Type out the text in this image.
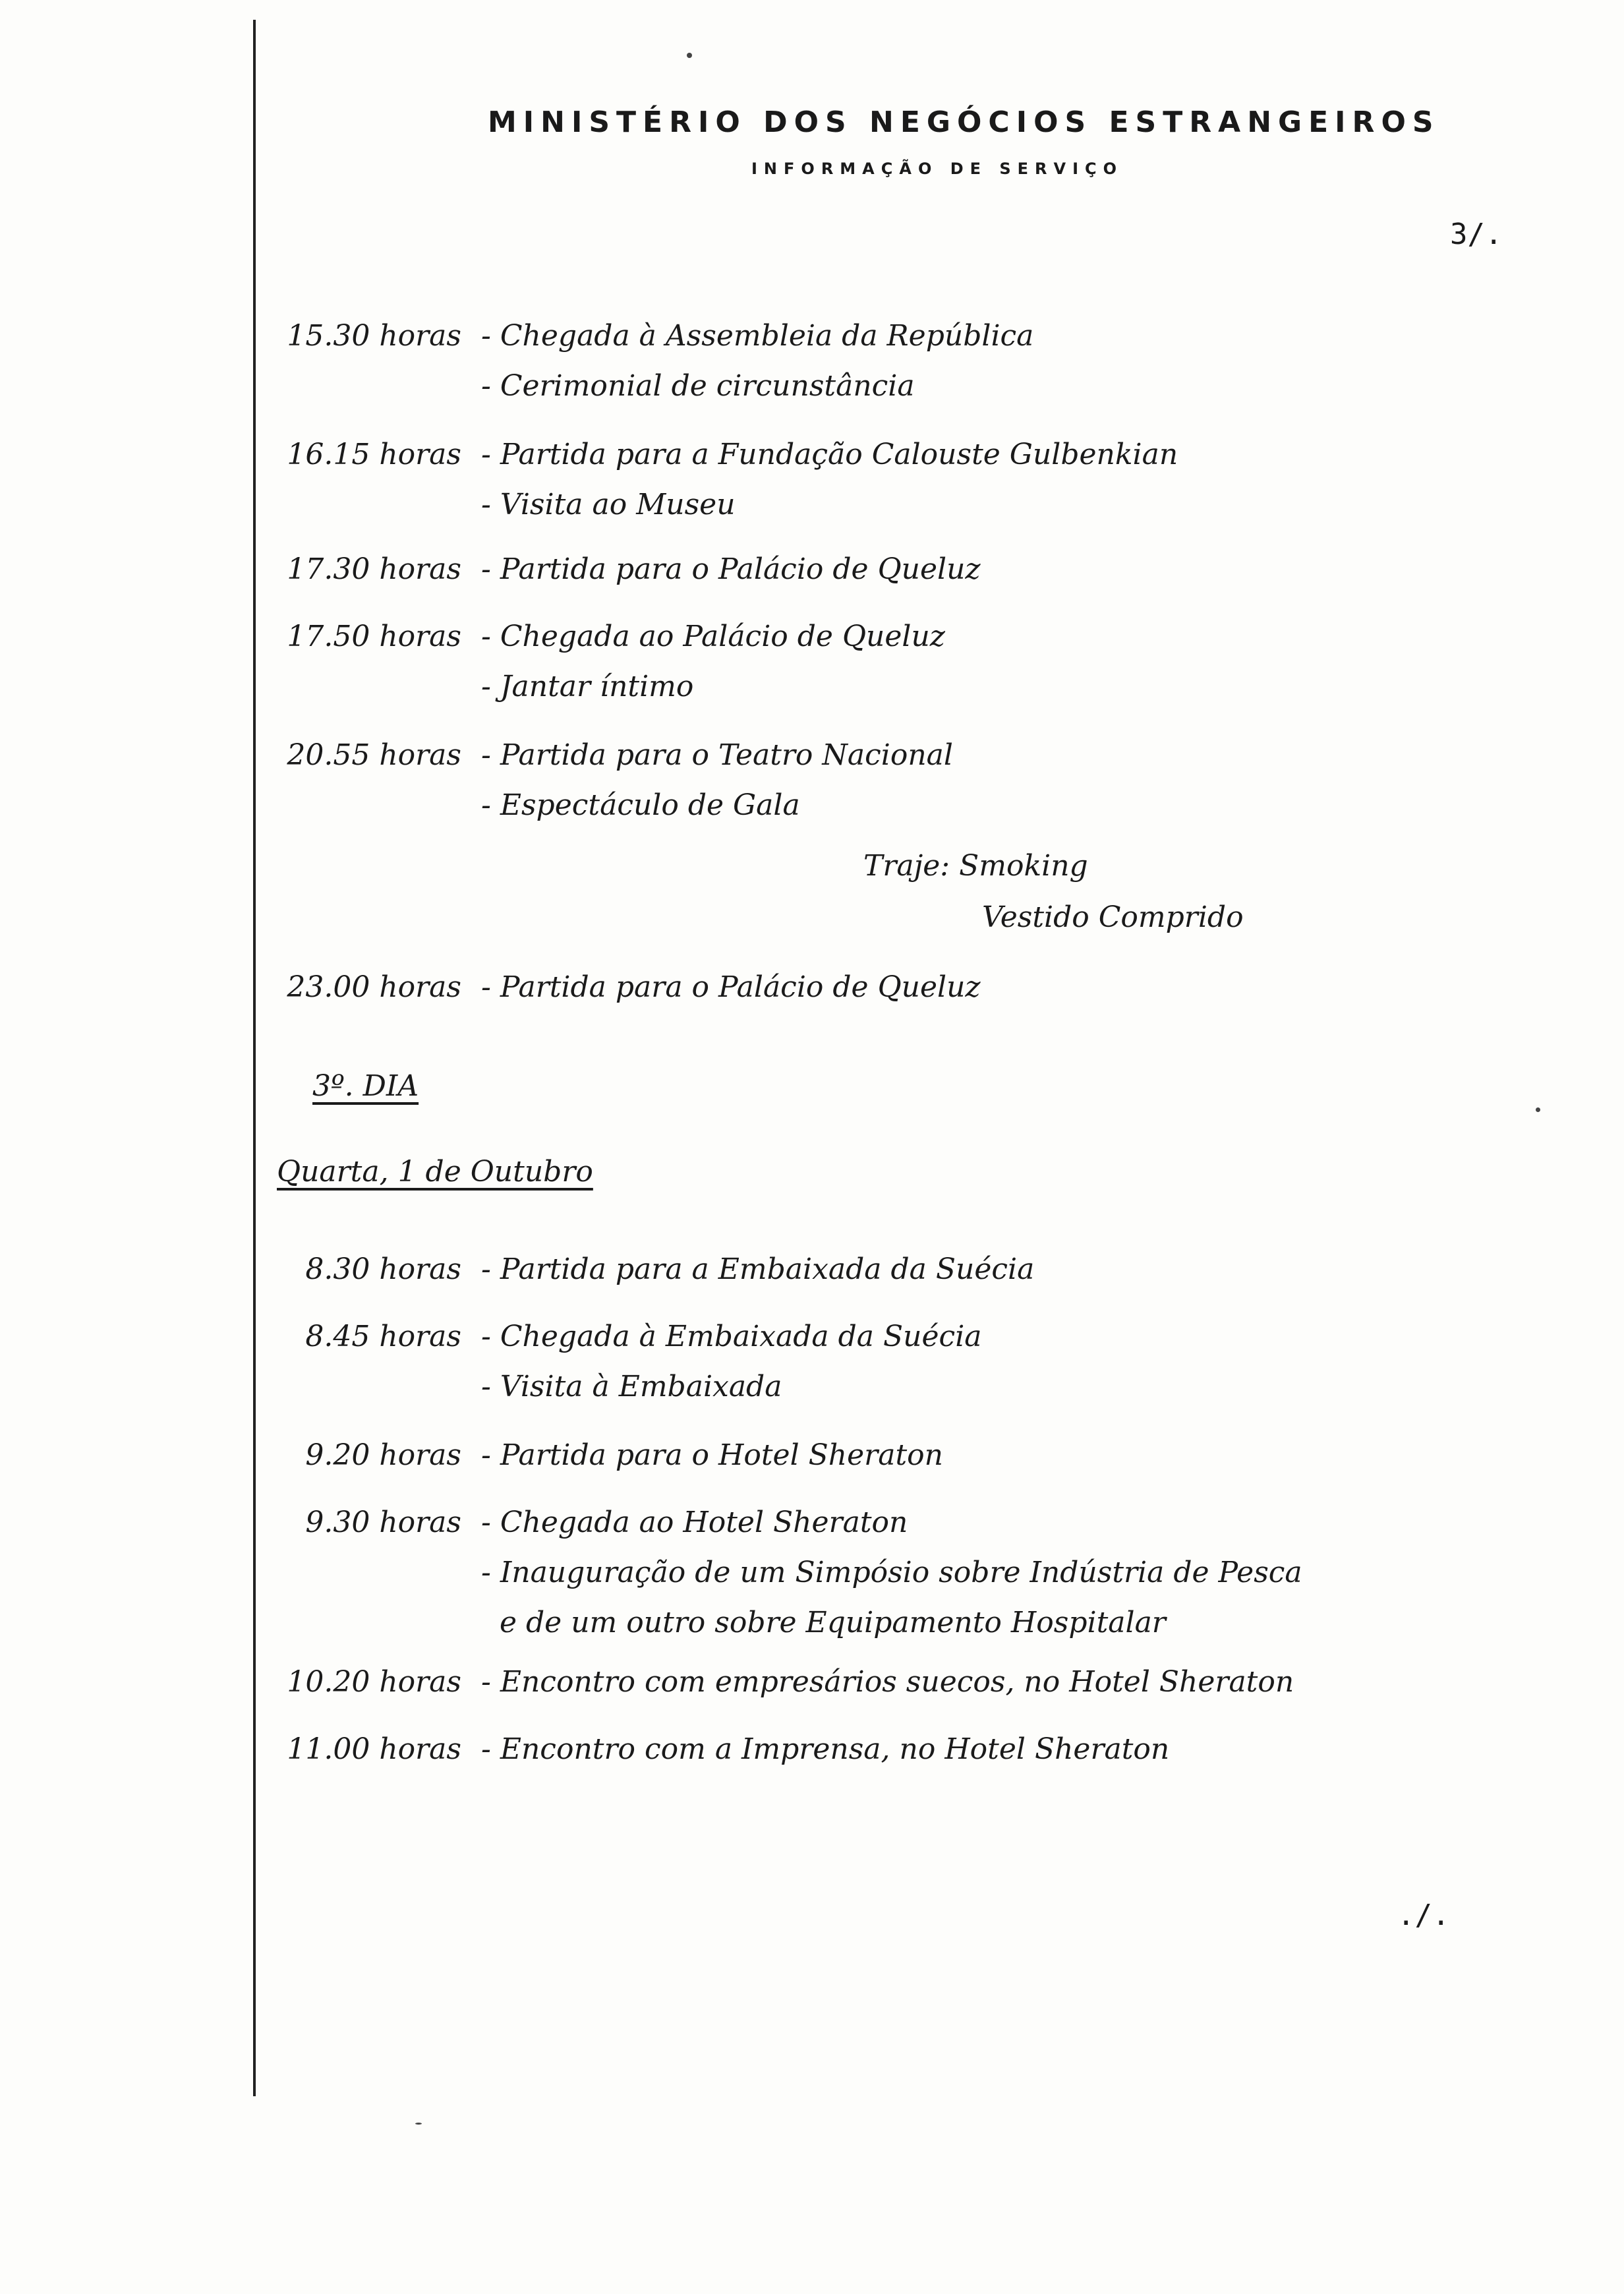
MINISTÉRIO DOS NEGÓCIOS ESTRANGEIROS
INFORMAÇÃO DE SERVIÇO
3/.
15.30 horas - Chegada à Assembleia da República
- Cerimonial de circunstância
16.15 horas - Partida para a Fundação Calouste Gulbenkian
- Visita ao Museu
17.30 horas - Partida para o Palácio de Queluz
17.50 horas - Chegada ao Palácio de Queluz
- Jantar íntimo
20.55 horas - Partida para o Teatro Nacional
- Espectáculo de Gala
Traje: Smoking
Vestido Comprido
23.00 horas - Partida para o Palácio de Queluz
3º. DIA
Quarta, 1 de Outubro
8.30 horas - Partida para a Embaixada da Suécia
8.45 horas - Chegada à Embaixada da Suécia
- Visita à Embaixada
9.20 horas - Partida para o Hotel Sheraton
9.30 horas - Chegada ao Hotel Sheraton
- Inauguração de um Simpósio sobre Indústria de Pesca
e de um outro sobre Equipamento Hospitalar
10.20 horas - Encontro com empresários suecos, no Hotel Sheraton
11.00 horas - Encontro com a Imprensa, no Hotel Sheraton
./.
